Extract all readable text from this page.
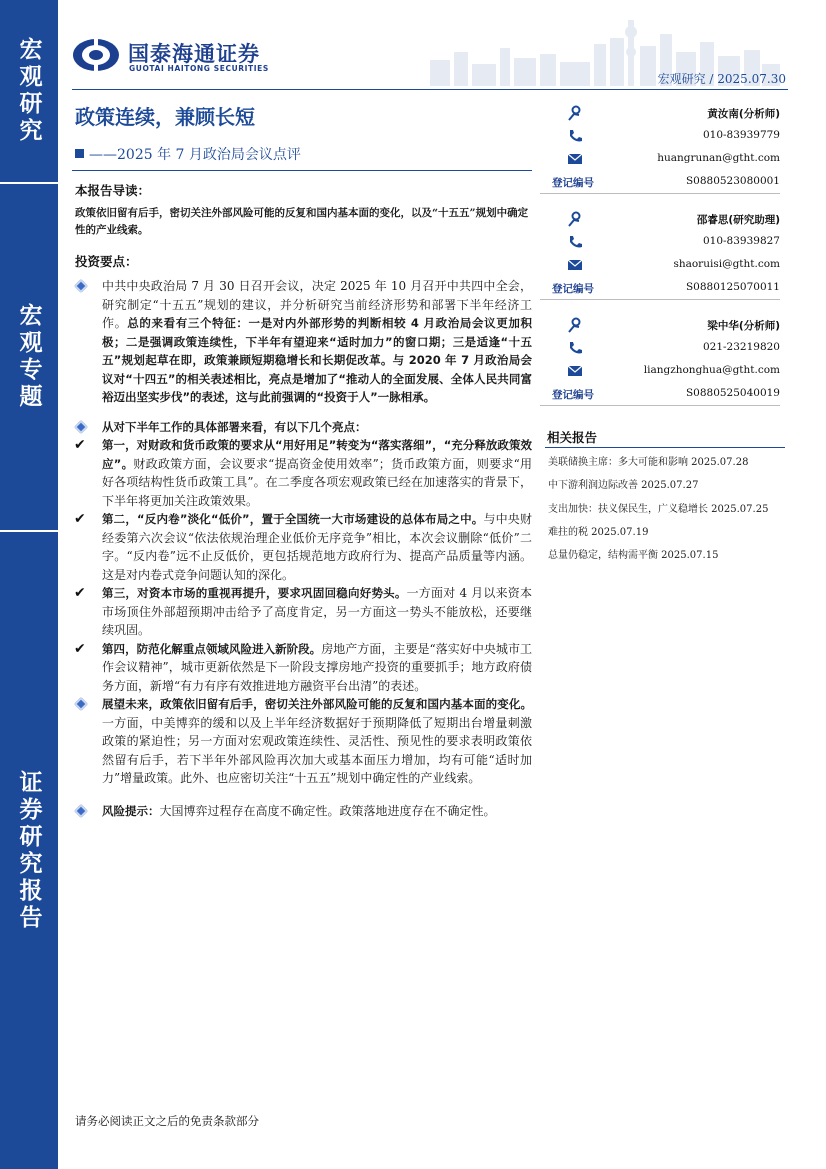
宏观研究
宏观专题
证券研究报告
国泰海通证券
GUOTAI HAITONG SECURITIES
宏观研究 / 2025.07.30
政策连续，兼顾长短
——2025 年 7 月政治局会议点评
本报告导读：
政策依旧留有后手，密切关注外部风险可能的反复和国内基本面的变化，以及“十五五”规划中确定性的产业线索。
投资要点：
中共中央政治局 7 月 30 日召开会议，决定 2025 年 10 月召开中共四中全会，研究制定“十五五”规划的建议，并分析研究当前经济形势和部署下半年经济工作。总的来看有三个特征：一是对内外部形势的判断相较 4 月政治局会议更加积极；二是强调政策连续性，下半年有望迎来“适时加力”的窗口期；三是适逢“十五五”规划起草在即，政策兼顾短期稳增长和长期促改革。与 2020 年 7 月政治局会议对“十四五”的相关表述相比，亮点是增加了“推动人的全面发展、全体人民共同富裕迈出坚实步伐”的表述，这与此前强调的“投资于人”一脉相承。
从对下半年工作的具体部署来看，有以下几个亮点：
✔ 第一，对财政和货币政策的要求从“用好用足”转变为“落实落细”，“充分释放政策效应”。财政政策方面，会议要求“提高资金使用效率”；货币政策方面，则要求“用好各项结构性货币政策工具”。在二季度各项宏观政策已经在加速落实的背景下，下半年将更加关注政策效果。
✔ 第二，“反内卷”淡化“低价”，置于全国统一大市场建设的总体布局之中。与中央财经委第六次会议“依法依规治理企业低价无序竞争”相比，本次会议删除“低价”二字。“反内卷”远不止反低价，更包括规范地方政府行为、提高产品质量等内涵。这是对内卷式竞争问题认知的深化。
✔ 第三，对资本市场的重视再提升，要求巩固回稳向好势头。一方面对 4 月以来资本市场顶住外部超预期冲击给予了高度肯定，另一方面这一势头不能放松，还要继续巩固。
✔ 第四，防范化解重点领域风险进入新阶段。房地产方面，主要是“落实好中央城市工作会议精神”，城市更新依然是下一阶段支撑房地产投资的重要抓手；地方政府债务方面，新增“有力有序有效推进地方融资平台出清”的表述。
展望未来，政策依旧留有后手，密切关注外部风险可能的反复和国内基本面的变化。一方面，中美博弈的缓和以及上半年经济数据好于预期降低了短期出台增量刺激政策的紧迫性；另一方面对宏观政策连续性、灵活性、预见性的要求表明政策依然留有后手，若下半年外部风险再次加大或基本面压力增加，均有可能“适时加力”增量政策。此外、也应密切关注“十五五”规划中确定性的产业线索。
风险提示：大国博弈过程存在高度不确定性。政策落地进度存在不确定性。
黄汝南(分析师)
010-83939779
huangrunan@gtht.com
登记编号	S0880523080001
邵睿思(研究助理)
010-83939827
shaoruisi@gtht.com
登记编号	S0880125070011
梁中华(分析师)
021-23219820
liangzhonghua@gtht.com
登记编号	S0880525040019
相关报告
美联储换主席：多大可能和影响 2025.07.28
中下游利润边际改善 2025.07.27
支出加快：扶义保民生，广义稳增长 2025.07.25
难拄的税 2025.07.19
总量仍稳定，结构需平衡 2025.07.15
请务必阅读正文之后的免责条款部分
